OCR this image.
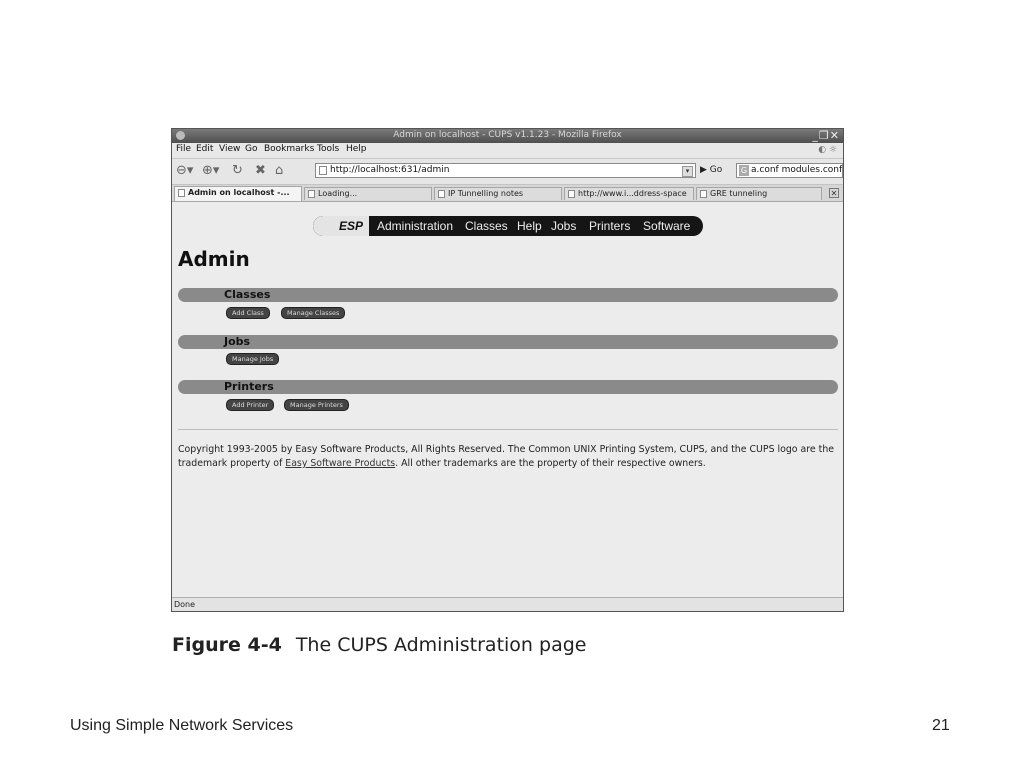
Admin on localhost - CUPS v1.1.23 - Mozilla Firefox	_❐✕
File Edit View Go Bookmarks Tools Help	◐ ☼
⊖▾ ⊕▾ ↻ ✖ ⌂	http://localhost:631/admin	▾	▶ Go G a.conf modules.conf
Admin on localhost -...	Loading...	IP Tunnelling notes	http://www.i...ddress-space	GRE tunneling	✕
ESP	Administration Classes Help Jobs Printers Software
Admin
Classes
Add Class	Manage Classes
Jobs
Manage Jobs
Printers
Add Printer	Manage Printers
Copyright 1993-2005 by Easy Software Products, All Rights Reserved. The Common UNIX Printing System, CUPS, and the CUPS logo are the trademark property of Easy Software Products. All other trademarks are the property of their respective owners.
Done
Figure 4-4 The CUPS Administration page
Using Simple Network Services	21
